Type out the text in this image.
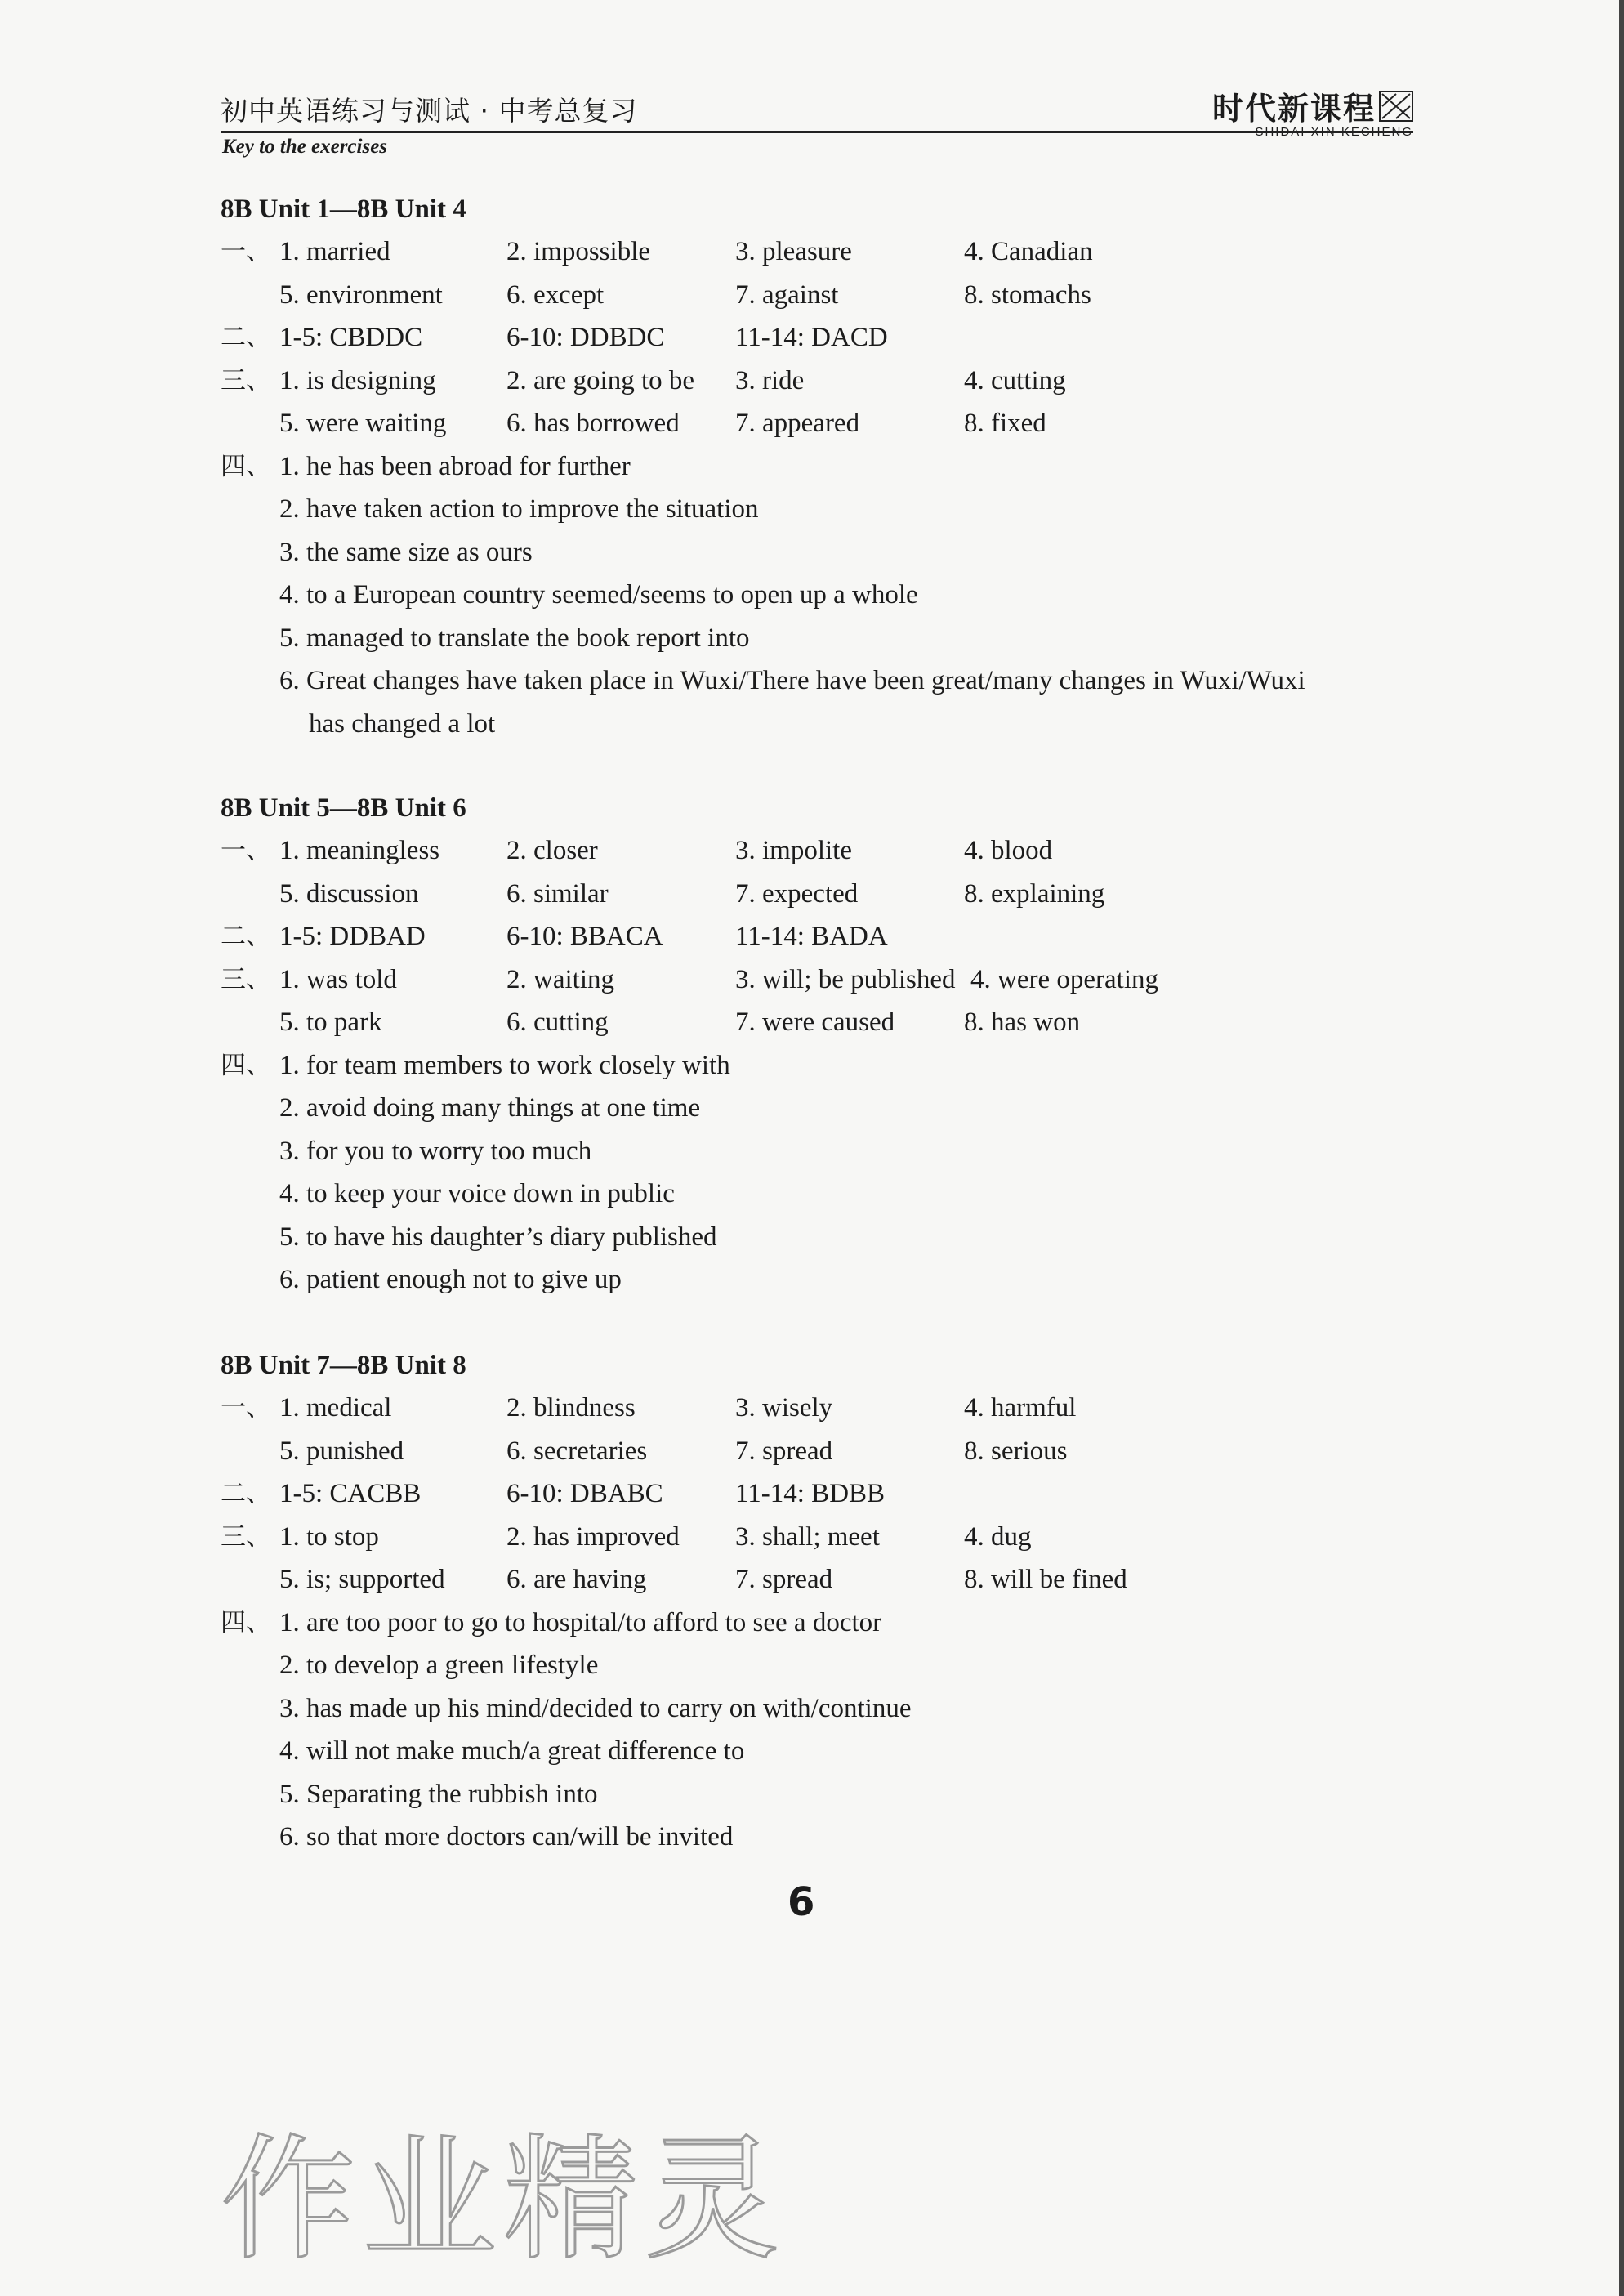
初中英语练习与测试 · 中考总复习	时代新课程
Key to the exercises
8B Unit 1—8B Unit 4
一、 1. married	2. impossible	3. pleasure	4. Canadian
5. environment 6. except	7. against	8. stomachs
二、 1-5: CBDDC	6-10: DDBDC	11-14: DACD
三、 1. is designing	2. are going to be 3. ride	4. cutting
5. were waiting 6. has borrowed 7. appeared	8. fixed
四、 1. he has been abroad for further
2. have taken action to improve the situation
3. the same size as ours
4. to a European country seemed/seems to open up a whole
5. managed to translate the book report into
6. Great changes have taken place in Wuxi/There have been great/many changes in Wuxi/Wuxi
has changed a lot
8B Unit 5—8B Unit 6
一、 1. meaningless 2. closer	3. impolite	4. blood
5. discussion	6. similar	7. expected	8. explaining
二、 1-5: DDBAD	6-10: BBACA	11-14: BADA
三、 1. was told	2. waiting	3. will; be published 4. were operating
5. to park	6. cutting	7. were caused	8. has won
四、 1. for team members to work closely with
2. avoid doing many things at one time
3. for you to worry too much
4. to keep your voice down in public
5. to have his daughter’s diary published
6. patient enough not to give up
8B Unit 7—8B Unit 8
一、 1. medical	2. blindness	3. wisely	4. harmful
5. punished	6. secretaries	7. spread	8. serious
二、 1-5: CACBB	6-10: DBABC	11-14: BDBB
三、 1. to stop	2. has improved 3. shall; meet	4. dug
5. is; supported 6. are having	7. spread	8. will be fined
四、 1. are too poor to go to hospital/to afford to see a doctor
2. to develop a green lifestyle
3. has made up his mind/decided to carry on with/continue
4. will not make much/a great difference to
5. Separating the rubbish into
6. so that more doctors can/will be invited
6
作业精灵
